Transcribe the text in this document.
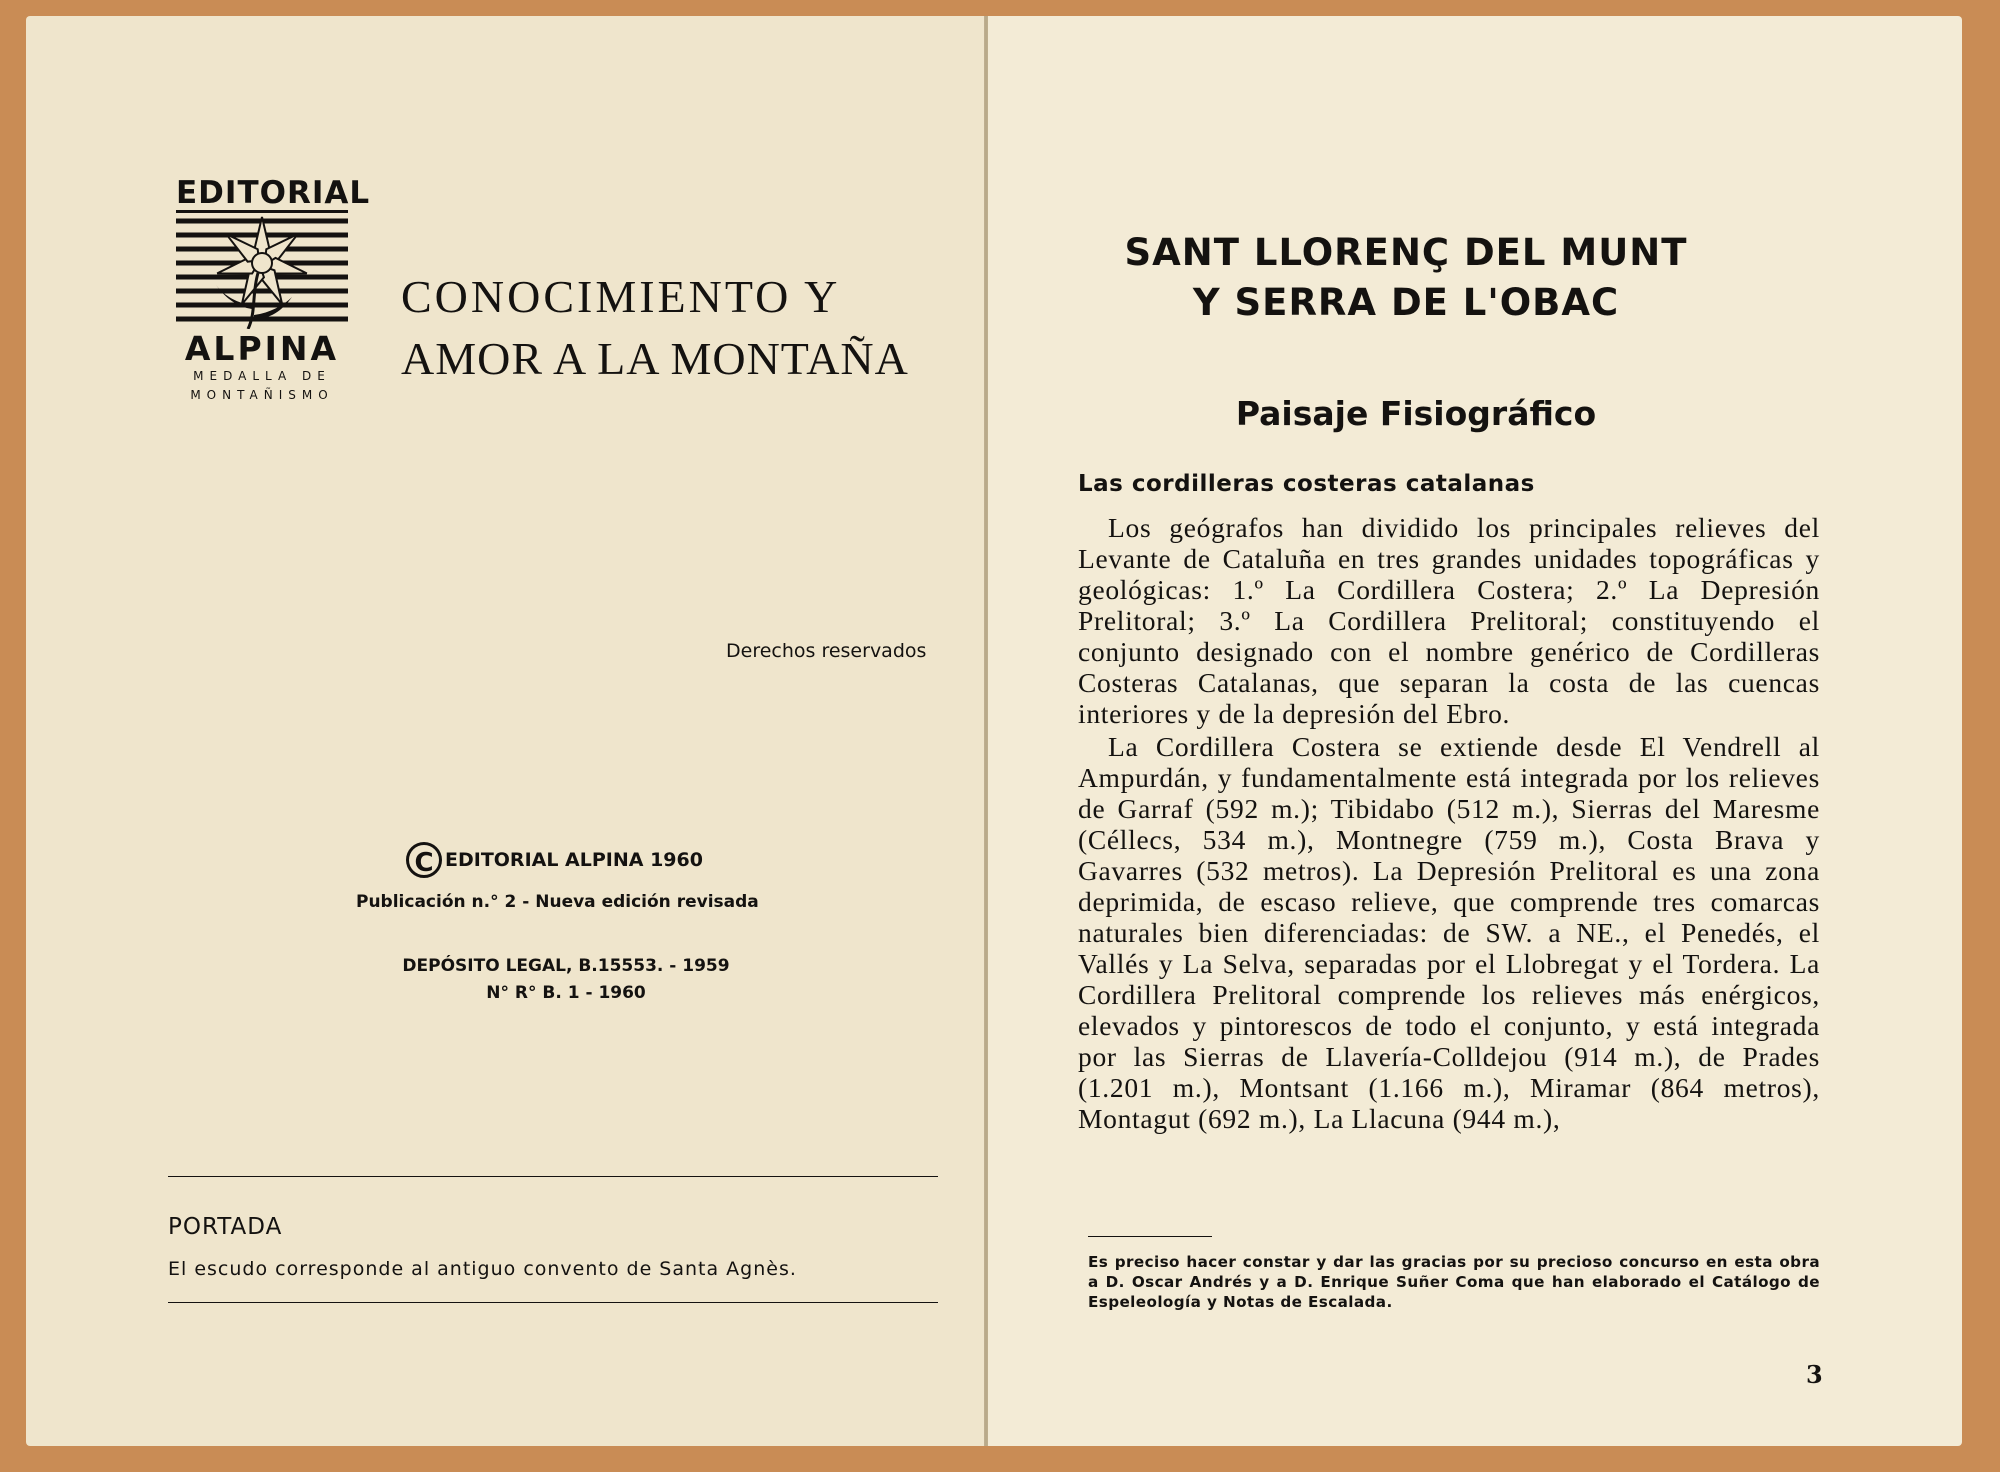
EDITORIAL
ALPINA
MEDALLA DE
MONTAÑISMO
CONOCIMIENTO Y
AMOR A LA MONTAÑA
Derechos reservados
C EDITORIAL ALPINA 1960
Publicación n.° 2 - Nueva edición revisada
DEPÓSITO LEGAL, B.15553. - 1959
N° R° B. 1 - 1960
PORTADA
El escudo corresponde al antiguo convento de Santa Agnès.
SANT LLORENÇ DEL MUNT
Y SERRA DE L'OBAC
Paisaje Fisiográfico
Las cordilleras costeras catalanas

Los geógrafos han dividido los principales relieves del Levante de Cataluña en tres grandes unidades topográficas y geológicas: 1.º La Cordillera Costera; 2.º La Depresión Prelitoral; 3.º La Cordillera Prelitoral; constituyendo el conjunto designado con el nombre genérico de Cordilleras Costeras Catalanas, que separan la costa de las cuencas interiores y de la depresión del Ebro.

La Cordillera Costera se extiende desde El Vendrell al Ampurdán, y fundamentalmente está integrada por los relieves de Garraf (592 m.); Tibidabo (512 m.), Sierras del Maresme (Céllecs, 534 m.), Montnegre (759 m.), Costa Brava y Gavarres (532 metros). La Depresión Prelitoral es una zona deprimida, de escaso relieve, que comprende tres comarcas naturales bien diferenciadas: de SW. a NE., el Penedés, el Vallés y La Selva, separadas por el Llobregat y el Tordera. La Cordillera Prelitoral comprende los relieves más enérgicos, elevados y pintorescos de todo el conjunto, y está integrada por las Sierras de Llavería-Colldejou (914 m.), de Prades (1.201 m.), Montsant (1.166 m.), Miramar (864 metros), Montagut (692 m.), La Llacuna (944 m.),

Es preciso hacer constar y dar las gracias por su precioso concurso en esta obra a D. Oscar Andrés y a D. Enrique Suñer Coma que han elaborado el Catálogo de Espeleología y Notas de Escalada.
3
